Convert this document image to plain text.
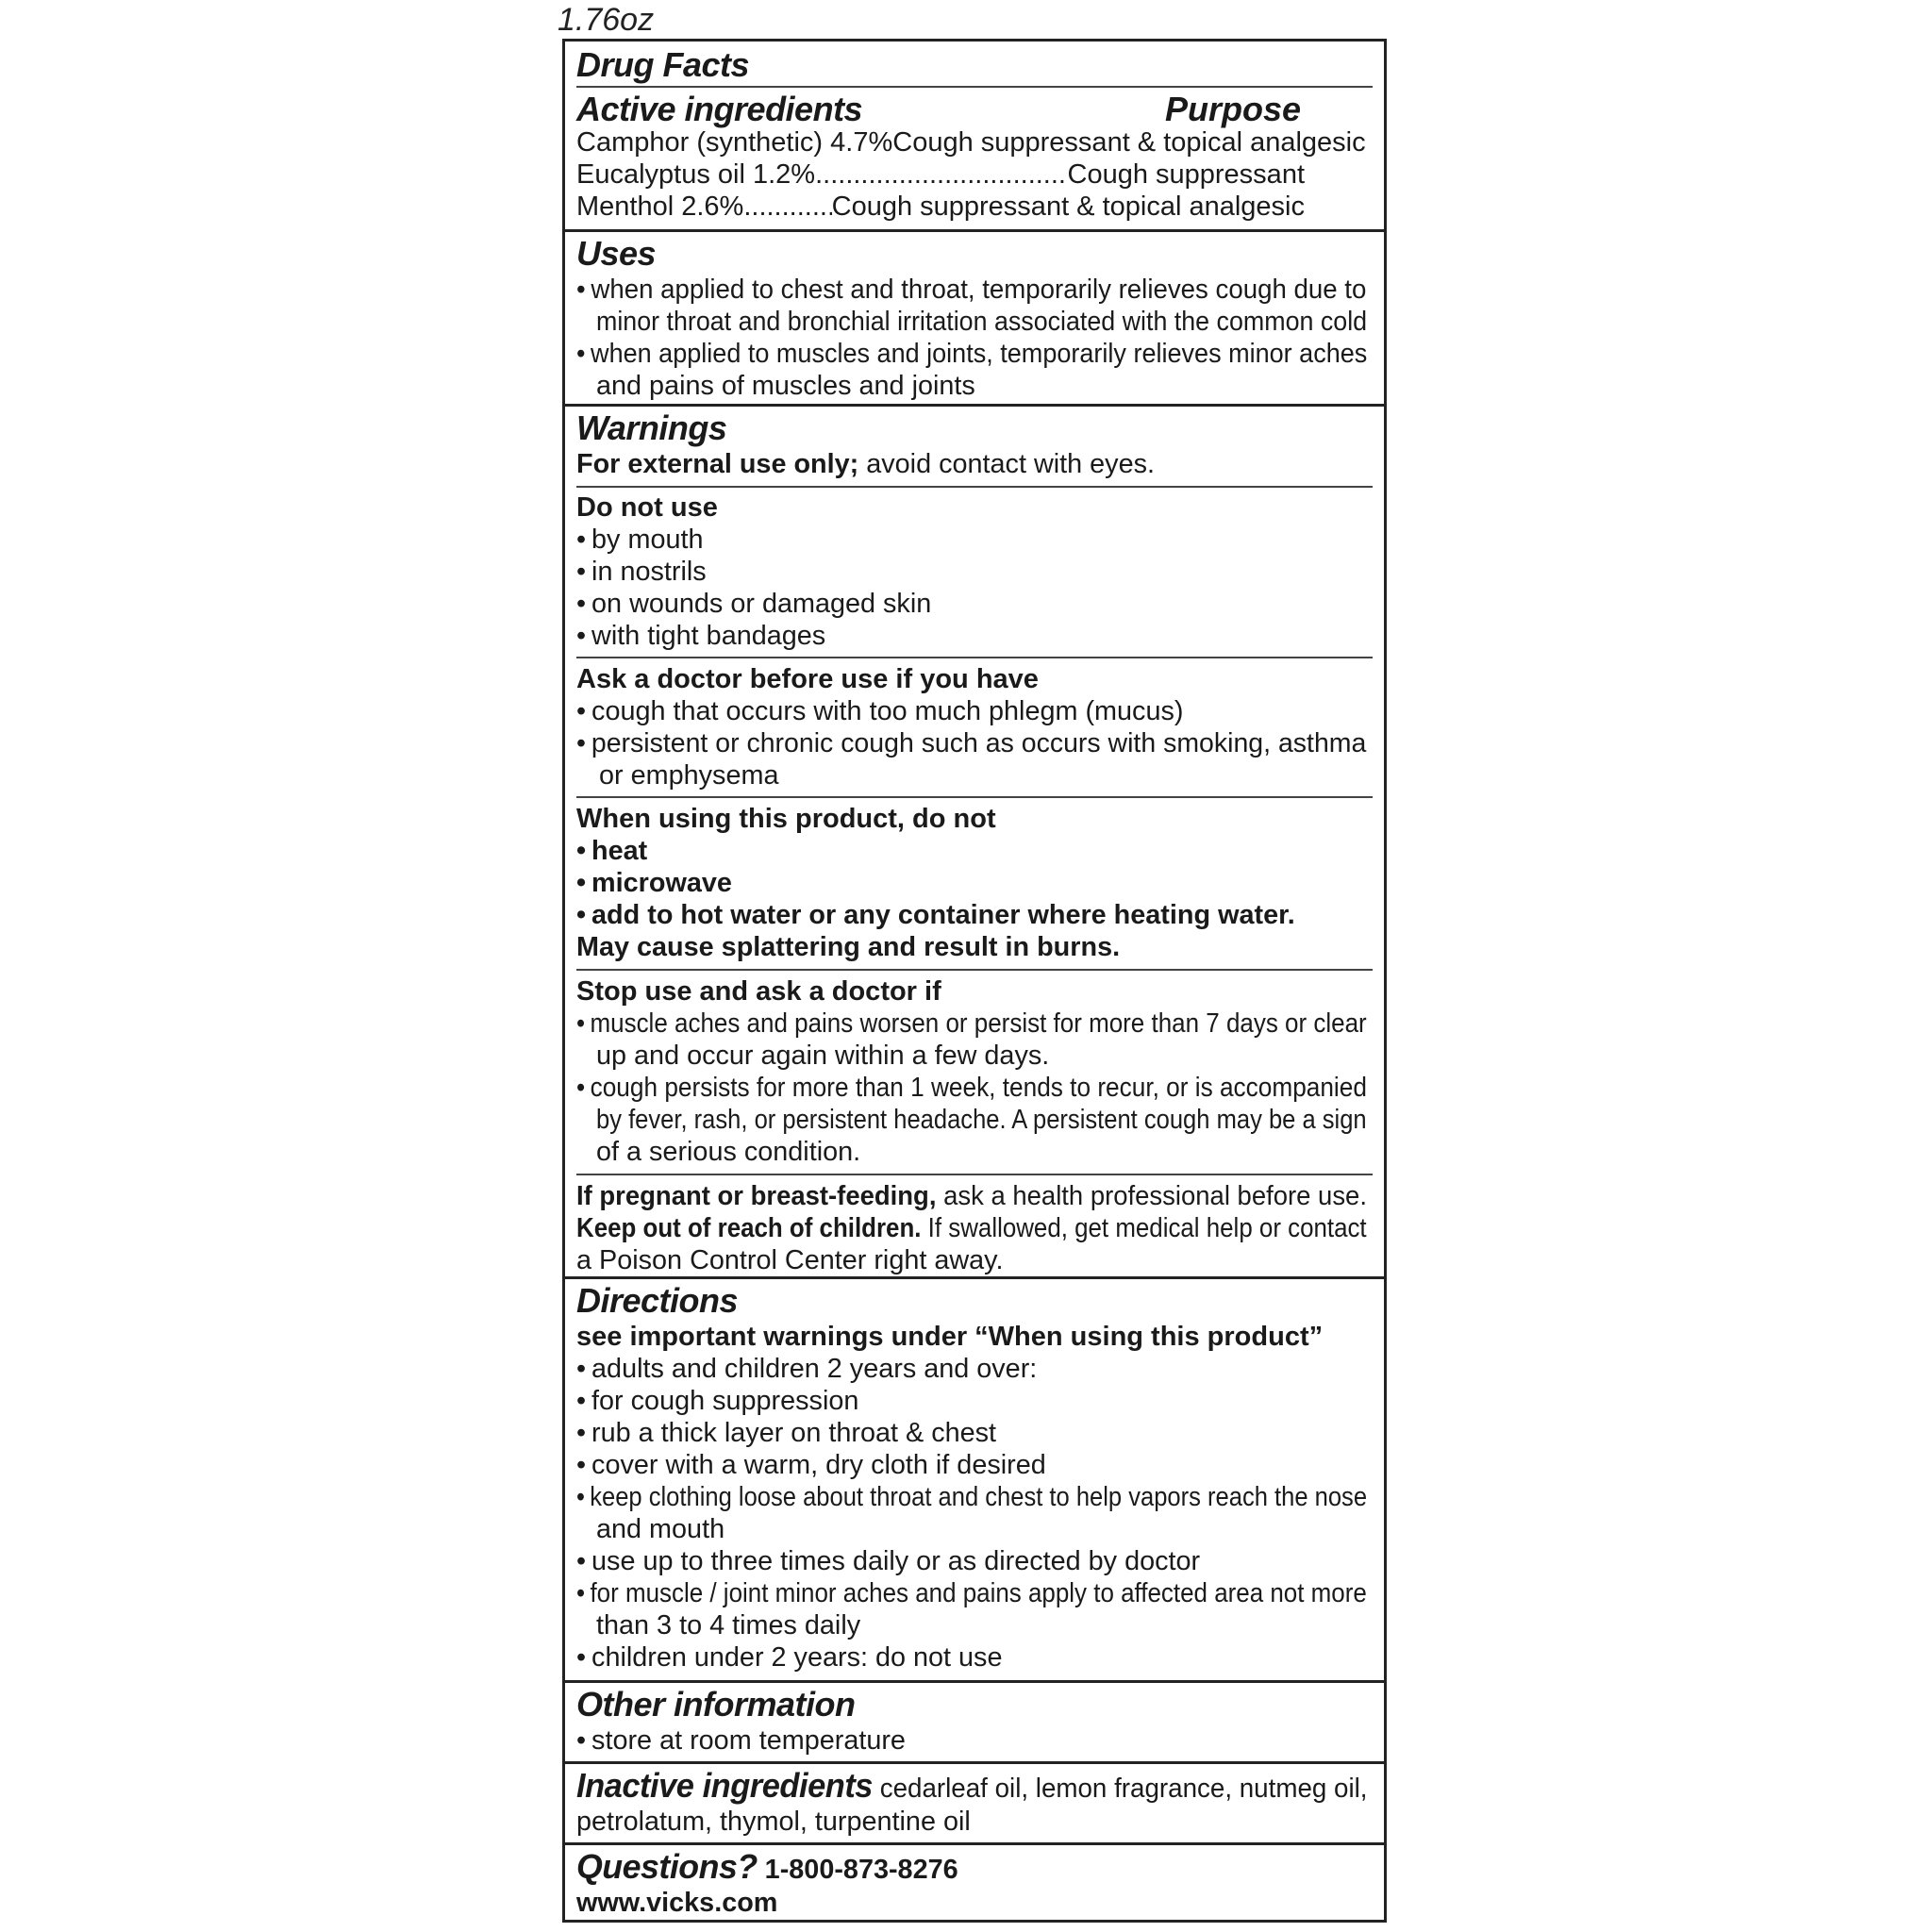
1.76oz
Drug Facts
Active ingredients	Purpose
Camphor (synthetic) 4.7% Cough suppressant & topical analgesic
Eucalyptus oil 1.2% .....	Cough suppressant
Menthol 2.6% .....	Cough suppressant & topical analgesic
Uses
• when applied to chest and throat, temporarily relieves cough due to
minor throat and bronchial irritation associated with the common cold
• when applied to muscles and joints, temporarily relieves minor aches
and pains of muscles and joints
Warnings
For external use only; avoid contact with eyes.
Do not use
• by mouth
• in nostrils
• on wounds or damaged skin
• with tight bandages
Ask a doctor before use if you have
• cough that occurs with too much phlegm (mucus)
• persistent or chronic cough such as occurs with smoking, asthma
or emphysema
When using this product, do not
• heat
• microwave
• add to hot water or any container where heating water.
May cause splattering and result in burns.
Stop use and ask a doctor if
• muscle aches and pains worsen or persist for more than 7 days or clear
up and occur again within a few days.
• cough persists for more than 1 week, tends to recur, or is accompanied
by fever, rash, or persistent headache. A persistent cough may be a sign
of a serious condition.
If pregnant or breast-feeding, ask a health professional before use.
Keep out of reach of children. If swallowed, get medical help or contact
a Poison Control Center right away.
Directions
see important warnings under “When using this product”
• adults and children 2 years and over:
• for cough suppression
• rub a thick layer on throat & chest
• cover with a warm, dry cloth if desired
• keep clothing loose about throat and chest to help vapors reach the nose
and mouth
• use up to three times daily or as directed by doctor
• for muscle / joint minor aches and pains apply to affected area not more
than 3 to 4 times daily
• children under 2 years: do not use
Other information
• store at room temperature
Inactive ingredients cedarleaf oil, lemon fragrance, nutmeg oil,
petrolatum, thymol, turpentine oil
Questions? 1-800-873-8276
www.vicks.com
